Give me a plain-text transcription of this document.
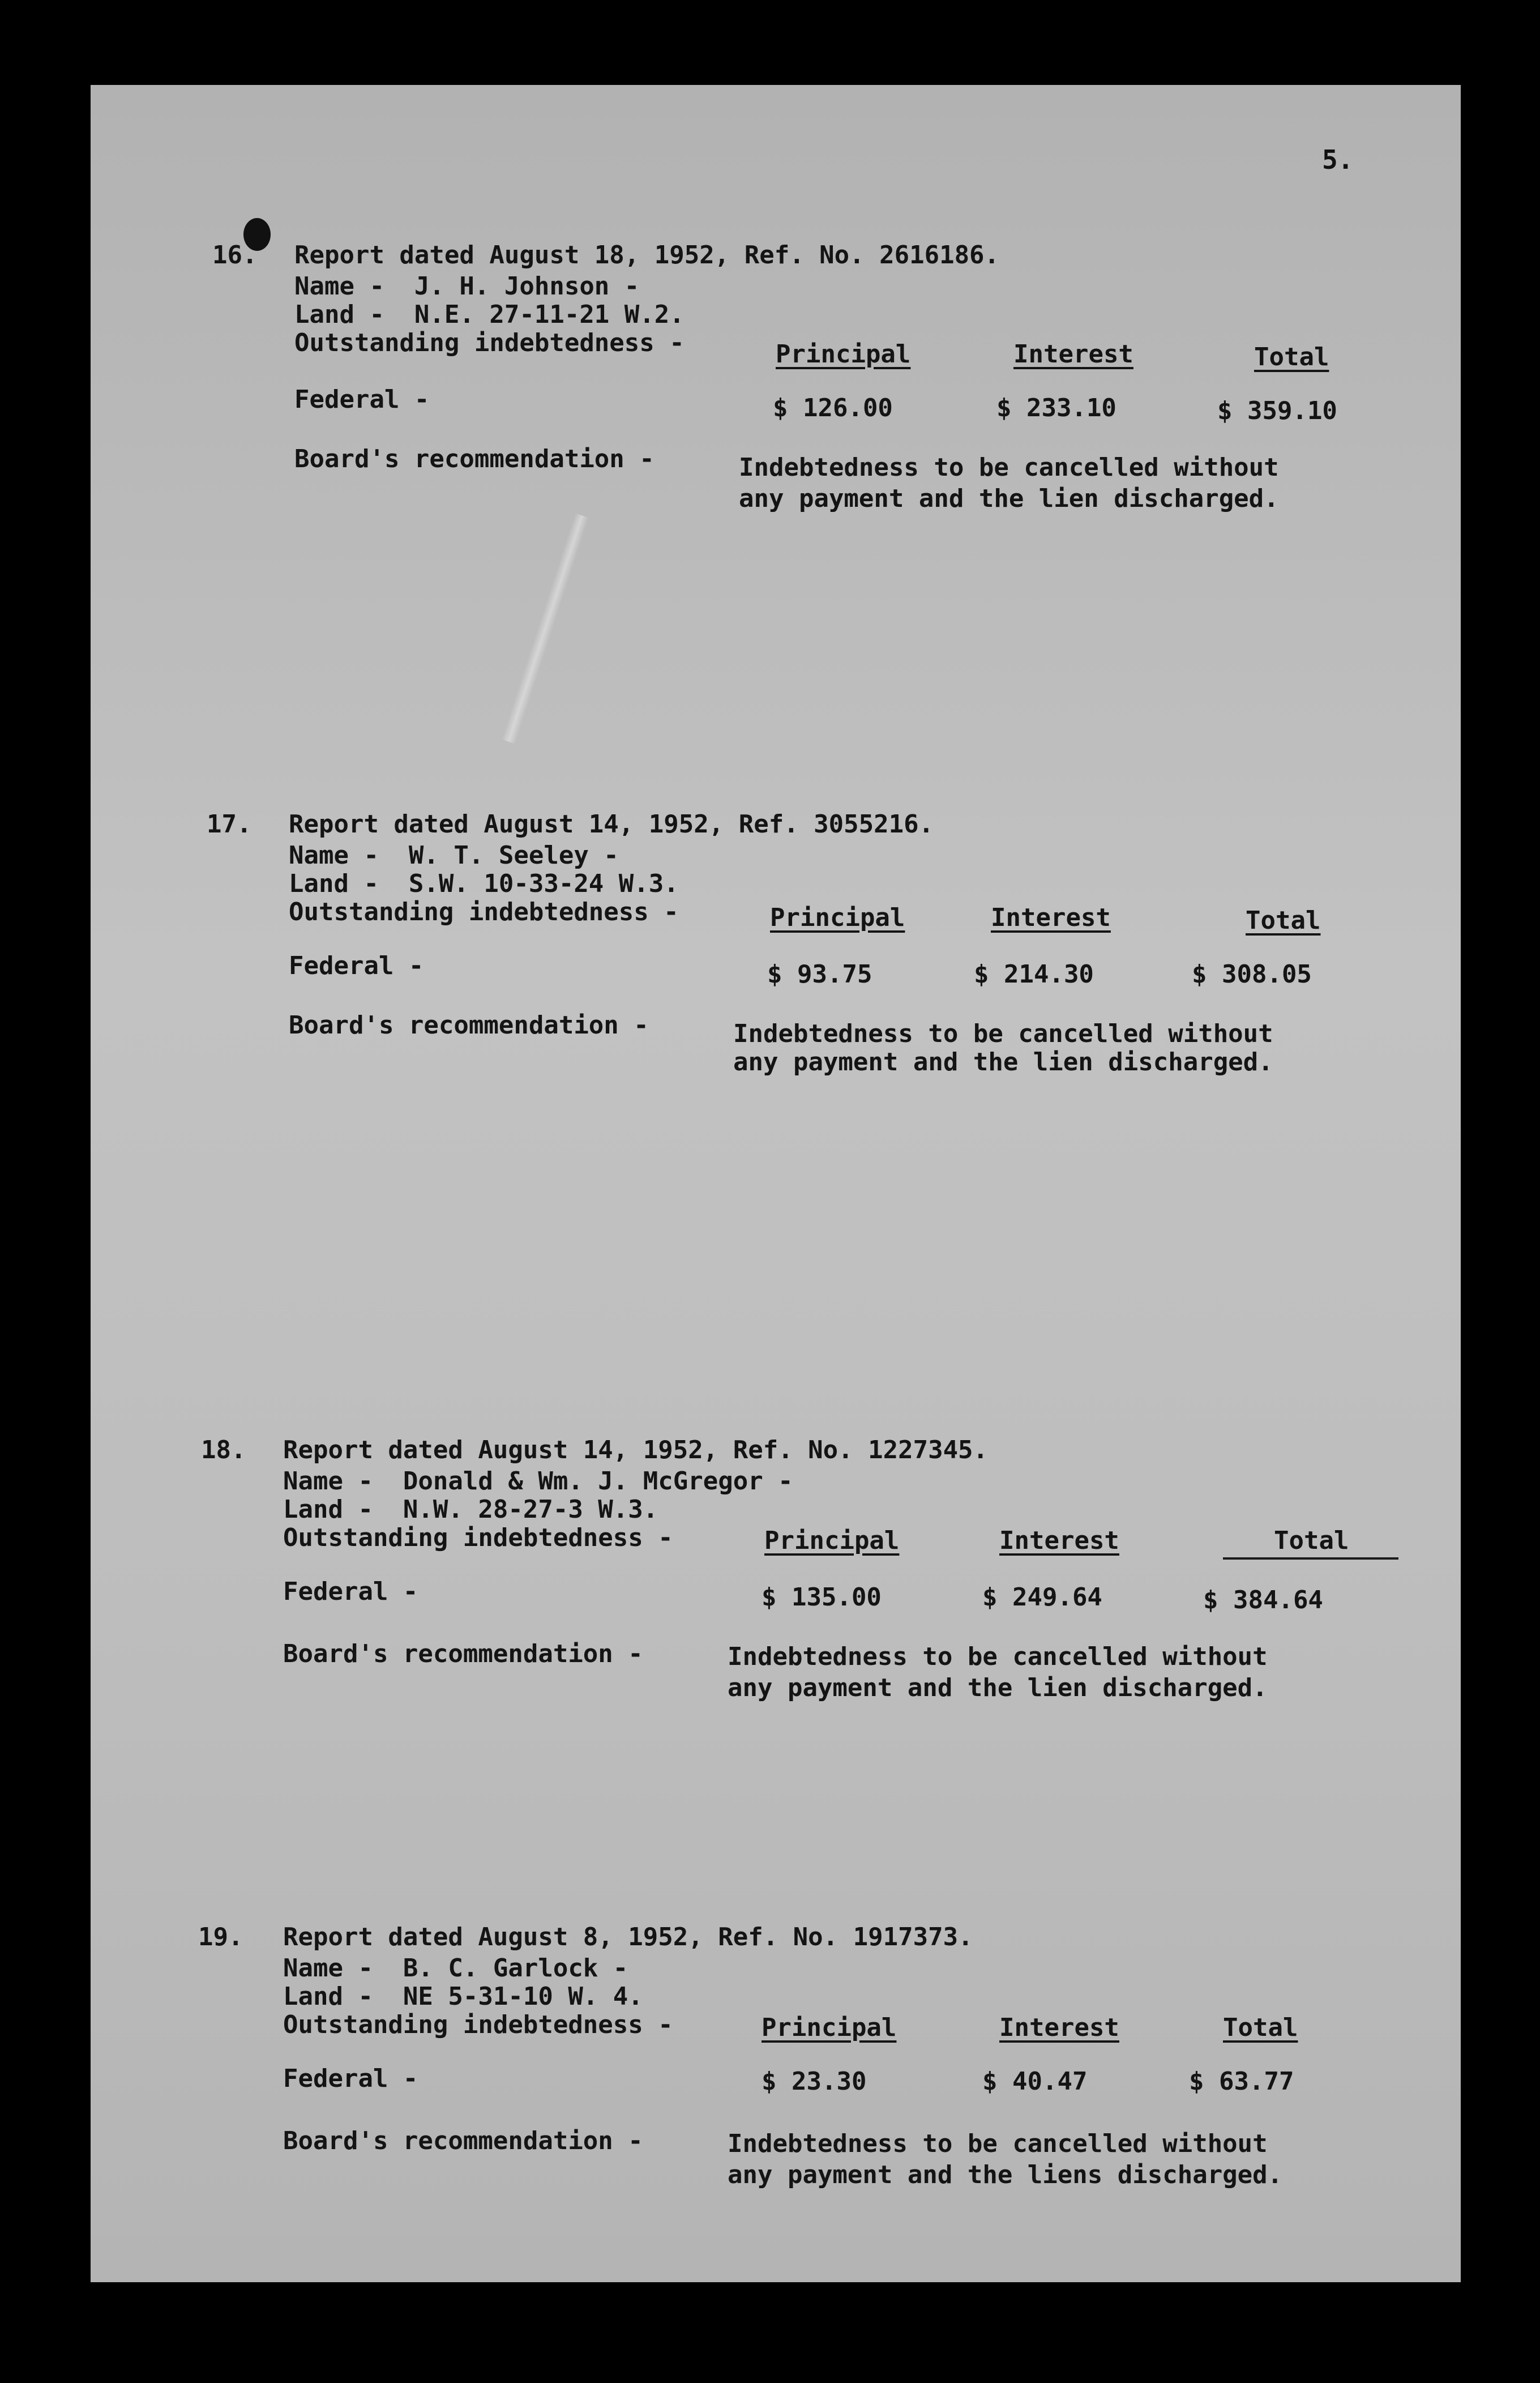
5.
16. Report dated August 18, 1952, Ref. No. 2616186.
Name -  J. H. Johnson -
Land -  N.E. 27-11-21 W.2.
Outstanding indebtedness -	Principal	Interest	Total
Federal -	$ 126.00	$ 233.10	$ 359.10
Board's recommendation -	Indebtedness to be cancelled without
any payment and the lien discharged.
17. Report dated August 14, 1952, Ref. 3055216.
Name -  W. T. Seeley -
Land -  S.W. 10-33-24 W.3.
Outstanding indebtedness -	Principal	Interest	Total
Federal -	$ 93.75	$ 214.30	$ 308.05
Board's recommendation -	Indebtedness to be cancelled without
any payment and the lien discharged.
18. Report dated August 14, 1952, Ref. No. 1227345.
Name -  Donald & Wm. J. McGregor -
Land -  N.W. 28-27-3 W.3.
Outstanding indebtedness -	Principal	Interest	Total
Federal -	$ 135.00	$ 249.64	$ 384.64
Board's recommendation -	Indebtedness to be cancelled without
any payment and the lien discharged.
19. Report dated August 8, 1952, Ref. No. 1917373.
Name -  B. C. Garlock -
Land -  NE 5-31-10 W. 4.
Outstanding indebtedness -	Principal	Interest	Total
Federal -	$ 23.30	$ 40.47	$ 63.77
Board's recommendation -	Indebtedness to be cancelled without
any payment and the liens discharged.
